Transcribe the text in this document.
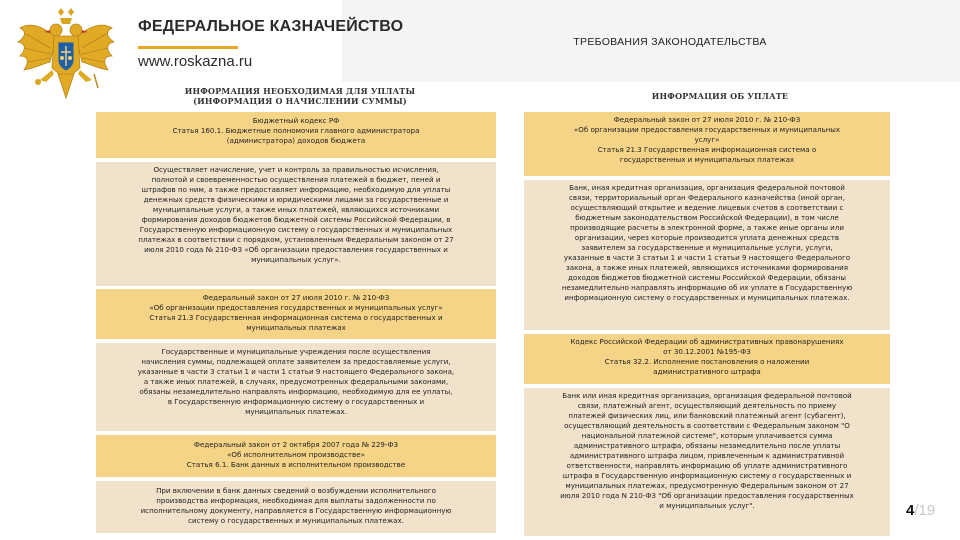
ФЕДЕРАЛЬНОЕ КАЗНАЧЕЙСТВО
www.roskazna.ru
ТРЕБОВАНИЯ ЗАКОНОДАТЕЛЬСТВА
ИНФОРМАЦИЯ НЕОБХОДИМАЯ ДЛЯ УПЛАТЫ
(ИНФОРМАЦИЯ О НАЧИСЛЕНИИ СУММЫ)
Бюджетный кодекс РФ
Статья 160.1. Бюджетные полномочия главного администратора
(администратора) доходов бюджета
Осуществляет начисление, учет и контроль за правильностью исчисления,
полнотой и своевременностью осуществления платежей в бюджет, пеней и
штрафов по ним, а также предоставляет информацию, необходимую для уплаты
денежных средств физическими и юридическими лицами за государственные и
муниципальные услуги, а также иных платежей, являющихся источниками
формирования доходов бюджетов бюджетной системы Российской Федерации, в
Государственную информационную систему о государственных и муниципальных
платежах в соответствии с порядком, установленным Федеральным законом от 27
июля 2010 года № 210-ФЗ «Об организации предоставления государственных и
муниципальных услуг».
Федеральный закон от 27 июля 2010 г. № 210-ФЗ
«Об организации предоставления государственных и муниципальных услуг»
Статья 21.3 Государственная информационная система о государственных и
муниципальных платежах
Государственные и муниципальные учреждения после осуществления
начисления суммы, подлежащей оплате заявителем за предоставляемые услуги,
указанные в части 3 статьи 1 и части 1 статьи 9 настоящего Федерального закона,
а также иных платежей, в случаях, предусмотренных федеральными законами,
обязаны незамедлительно направлять информацию, необходимую для ее уплаты,
в Государственную информационную систему о государственных и
муниципальных платежах.
Федеральный закон от 2 октября 2007 года № 229-ФЗ
«Об исполнительном производстве»
Статья 6.1. Банк данных в исполнительном производстве
При включении в банк данных сведений о возбуждении исполнительного
производства информация, необходимая для выплаты задолженности по
исполнительному документу, направляется в Государственную информационную
систему о государственных и муниципальных платежах.
ИНФОРМАЦИЯ ОБ УПЛАТЕ
Федеральный закон от 27 июля 2010 г. № 210-ФЗ
«Об организации предоставления государственных и муниципальных
услуг»
Статья 21.3 Государственная информационная система о
государственных и муниципальных платежах
Банк, иная кредитная организация, организация федеральной почтовой
связи, территориальный орган Федерального казначейства (иной орган,
осуществляющий открытие и ведение лицевых счетов в соответствии с
бюджетным законодательством Российской Федерации), в том числе
производящие расчеты в электронной форме, а также иные органы или
организации, через которые производится уплата денежных средств
заявителем за государственные и муниципальные услуги, услуги,
указанные в части 3 статьи 1 и части 1 статьи 9 настоящего Федерального
закона, а также иных платежей, являющихся источниками формирования
доходов бюджетов бюджетной системы Российской Федерации, обязаны
незамедлительно направлять информацию об их уплате в Государственную
информационную систему о государственных и муниципальных платежах.
Кодекс Российской Федерации об административных правонарушениях
от 30.12.2001 №195-ФЗ
Статья 32.2. Исполнение постановления о наложении
административного штрафа
Банк или иная кредитная организация, организация федеральной почтовой
связи, платежный агент, осуществляющий деятельность по приему
платежей физических лиц, или банковский платежный агент (субагент),
осуществляющий деятельность в соответствии с Федеральным законом "О
национальной платежной системе", которым уплачивается сумма
административного штрафа, обязаны незамедлительно после уплаты
административного штрафа лицом, привлеченным к административной
ответственности, направлять информацию об уплате административного
штрафа в Государственную информационную систему о государственных и
муниципальных платежах, предусмотренную Федеральным законом от 27
июля 2010 года N 210-ФЗ "Об организации предоставления государственных
и муниципальных услуг".	4/19
